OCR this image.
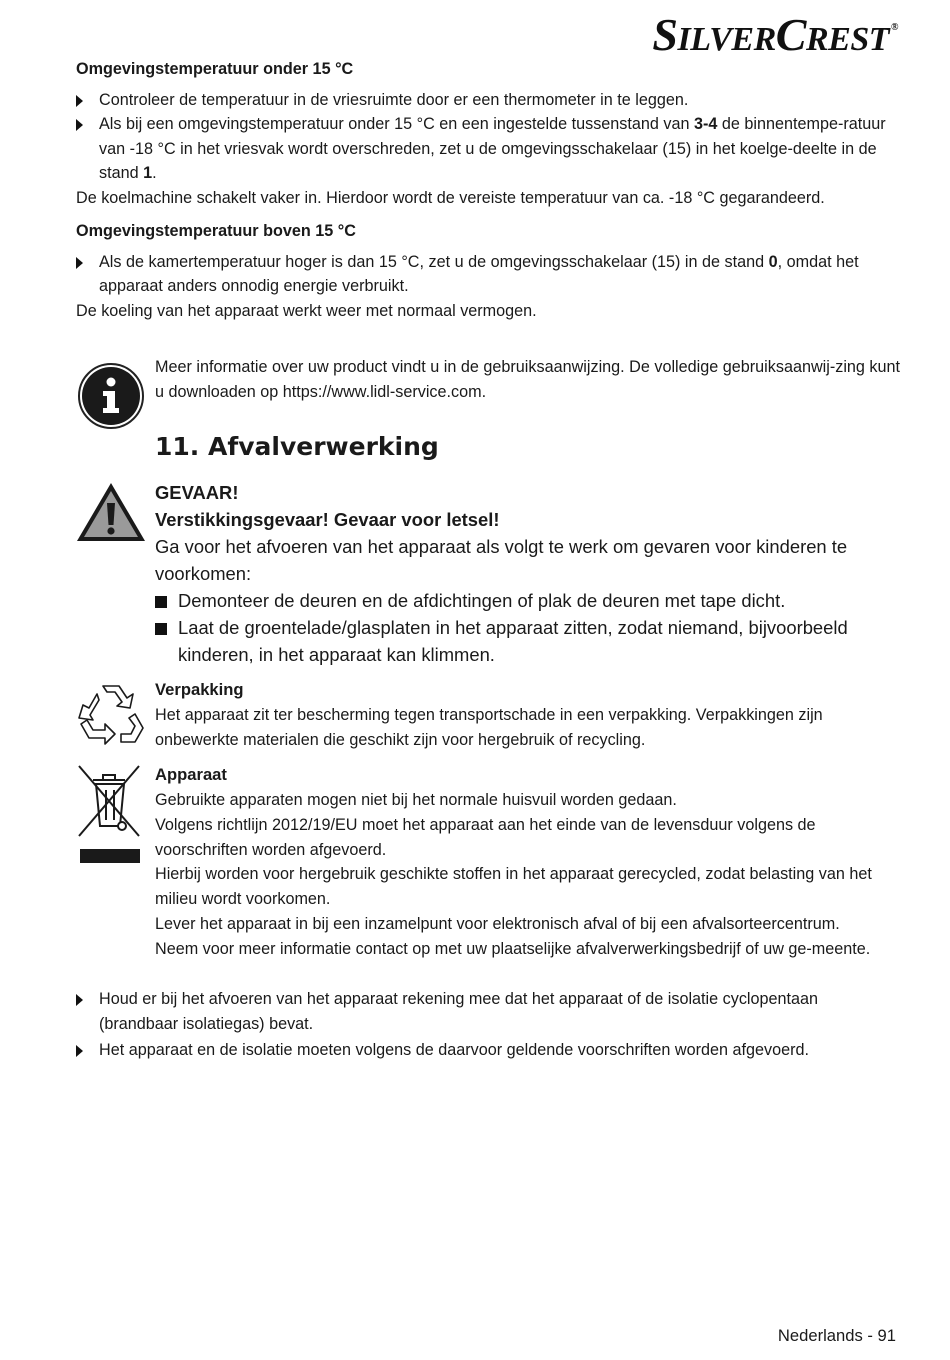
SILVERCREST ®
Omgevingstemperatuur onder 15 °C
Controleer de temperatuur in de vriesruimte door er een thermometer in te leggen.
Als bij een omgevingstemperatuur onder 15 °C en een ingestelde tussenstand van 3-4 de binnentempe-ratuur van -18 °C in het vriesvak wordt overschreden, zet u de omgevingsschakelaar (15) in het koelge-deelte in de stand 1.
De koelmachine schakelt vaker in. Hierdoor wordt de vereiste temperatuur van ca. -18 °C gegarandeerd.
Omgevingstemperatuur boven 15 °C
Als de kamertemperatuur hoger is dan 15 °C, zet u de omgevingsschakelaar (15) in de stand 0, omdat het apparaat anders onnodig energie verbruikt.
De koeling van het apparaat werkt weer met normaal vermogen.
Meer informatie over uw product vindt u in de gebruiksaanwijzing. De volledige gebruiksaanwij-zing kunt u downloaden op https://www.lidl-service.com.
11. Afvalverwerking
GEVAAR!
Verstikkingsgevaar! Gevaar voor letsel!
Ga voor het afvoeren van het apparaat als volgt te werk om gevaren voor kinderen te voorkomen:
Demonteer de deuren en de afdichtingen of plak de deuren met tape dicht.
Laat de groentelade/glasplaten in het apparaat zitten, zodat niemand, bijvoorbeeld kinderen, in het apparaat kan klimmen.
Verpakking
Het apparaat zit ter bescherming tegen transportschade in een verpakking. Verpakkingen zijn onbewerkte materialen die geschikt zijn voor hergebruik of recycling.
Apparaat
Gebruikte apparaten mogen niet bij het normale huisvuil worden gedaan.
Volgens richtlijn 2012/19/EU moet het apparaat aan het einde van de levensduur volgens de voorschriften worden afgevoerd.
Hierbij worden voor hergebruik geschikte stoffen in het apparaat gerecycled, zodat belasting van het milieu wordt voorkomen.
Lever het apparaat in bij een inzamelpunt voor elektronisch afval of bij een afvalsorteercentrum.
Neem voor meer informatie contact op met uw plaatselijke afvalverwerkingsbedrijf of uw ge-meente.
Houd er bij het afvoeren van het apparaat rekening mee dat het apparaat of de isolatie cyclopentaan (brandbaar isolatiegas) bevat.
Het apparaat en de isolatie moeten volgens de daarvoor geldende voorschriften worden afgevoerd.
Nederlands - 91
